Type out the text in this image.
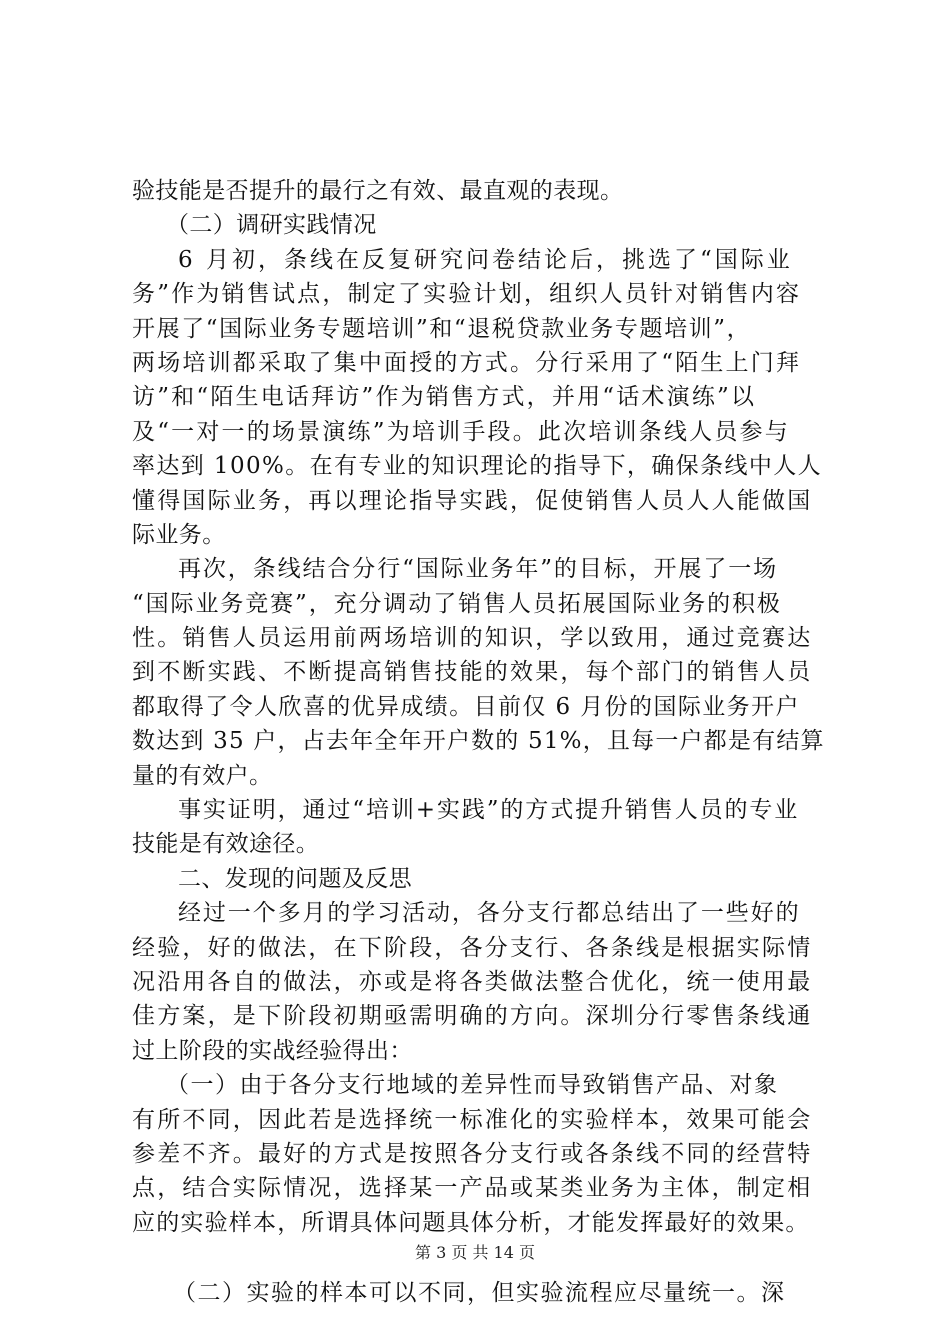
验技能是否提升的最行之有效、最直观的表现。
（二）调研实践情况
6 月初，条线在反复研究问卷结论后，挑选了“国际业
务”作为销售试点，制定了实验计划，组织人员针对销售内容
开展了“国际业务专题培训”和“退税贷款业务专题培训”，
两场培训都采取了集中面授的方式。分行采用了“陌生上门拜
访”和“陌生电话拜访”作为销售方式，并用“话术演练”以
及“一对一的场景演练”为培训手段。此次培训条线人员参与
率达到 100%。在有专业的知识理论的指导下，确保条线中人人
懂得国际业务，再以理论指导实践，促使销售人员人人能做国
际业务。
再次，条线结合分行“国际业务年”的目标，开展了一场
“国际业务竞赛”，充分调动了销售人员拓展国际业务的积极
性。销售人员运用前两场培训的知识，学以致用，通过竞赛达
到不断实践、不断提高销售技能的效果，每个部门的销售人员
都取得了令人欣喜的优异成绩。目前仅 6 月份的国际业务开户
数达到 35 户，占去年全年开户数的 51%，且每一户都是有结算
量的有效户。
事实证明，通过“培训+实践”的方式提升销售人员的专业
技能是有效途径。
二、发现的问题及反思
经过一个多月的学习活动，各分支行都总结出了一些好的
经验，好的做法，在下阶段，各分支行、各条线是根据实际情
况沿用各自的做法，亦或是将各类做法整合优化，统一使用最
佳方案，是下阶段初期亟需明确的方向。深圳分行零售条线通
过上阶段的实战经验得出：
（一）由于各分支行地域的差异性而导致销售产品、对象
有所不同，因此若是选择统一标准化的实验样本，效果可能会
参差不齐。最好的方式是按照各分支行或各条线不同的经营特
点，结合实际情况，选择某一产品或某类业务为主体，制定相
应的实验样本，所谓具体问题具体分析，才能发挥最好的效果。
（二）实验的样本可以不同，但实验流程应尽量统一。深
第 3 页 共 14 页
